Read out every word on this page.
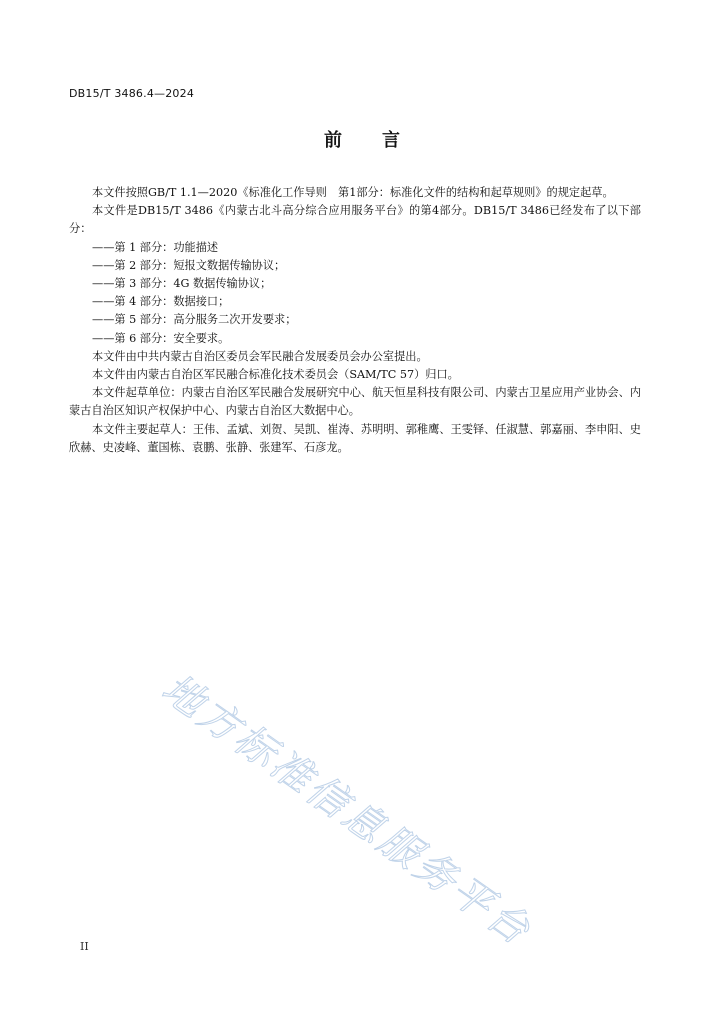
DB15/T 3486.4—2024
前言

本文件按照GB/T 1.1—2020《标准化工作导则　第1部分：标准化文件的结构和起草规则》的规定起草。

本文件是DB15/T 3486《内蒙古北斗高分综合应用服务平台》的第4部分。DB15/T 3486已经发布了以下部分：

——第 1 部分：功能描述

——第 2 部分：短报文数据传输协议；

——第 3 部分：4G 数据传输协议；

——第 4 部分：数据接口；

——第 5 部分：高分服务二次开发要求；

——第 6 部分：安全要求。

本文件由中共内蒙古自治区委员会军民融合发展委员会办公室提出。

本文件由内蒙古自治区军民融合标准化技术委员会（SAM/TC 57）归口。

本文件起草单位：内蒙古自治区军民融合发展研究中心、航天恒星科技有限公司、内蒙古卫星应用产业协会、内蒙古自治区知识产权保护中心、内蒙古自治区大数据中心。

本文件主要起草人：王伟、孟斌、刘贺、吴凯、崔涛、苏明明、郭稚鹰、王雯铎、任淑慧、郭嘉丽、李申阳、史欣赫、史凌峰、董国栋、袁鹏、张静、张建军、石彦龙。

地方标准信息服务平台
II
